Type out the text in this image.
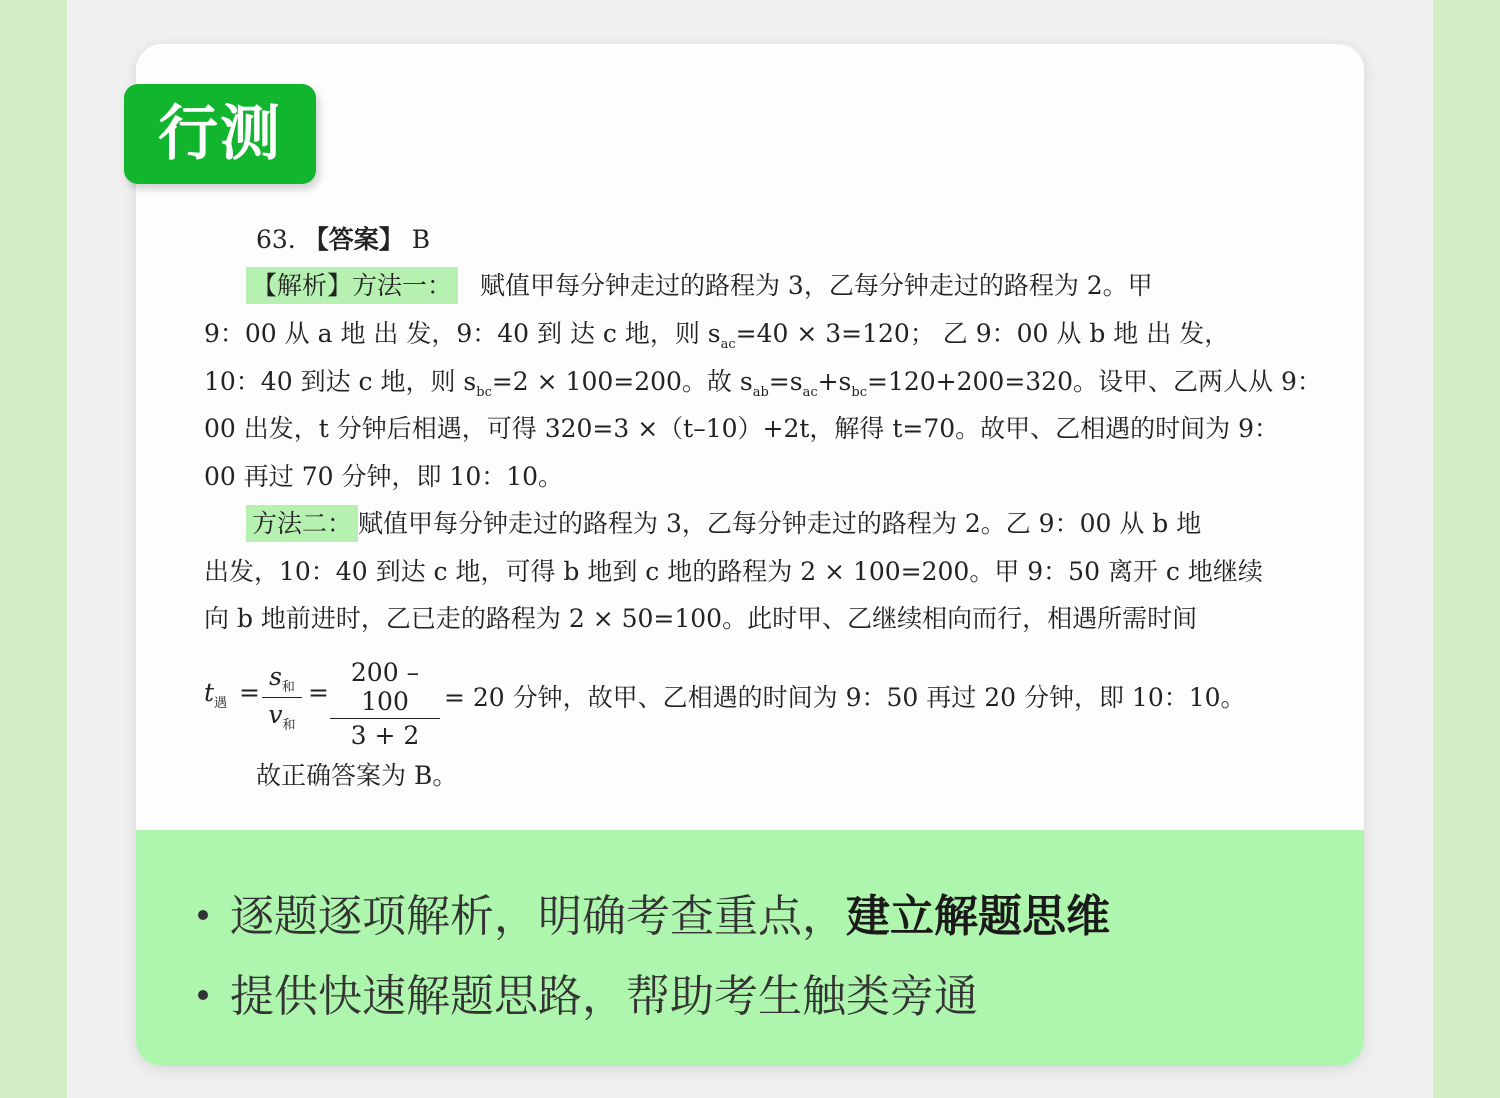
63. 【答案】 B
【解析】方法一： 赋值甲每分钟走过的路程为 3，乙每分钟走过的路程为 2。甲
9：00 从 a 地 出 发，9：40 到 达 c 地，则 $s_{ac}=40 \times 3=120$； 乙 9：00 从 b 地 出 发，
10：40 到达 c 地，则 $s_{bc}=2 \times 100=200$。故 $s_{ab}=s_{ac}+s_{bc}=120+200=320$。设甲、乙两人从 9：
00 出发，t 分钟后相遇，可得 320=3 ×（t–10）+2t，解得 t=70。故甲、乙相遇的时间为 9：
00 再过 70 分钟，即 10：10。
方法二： 赋值甲每分钟走过的路程为 3，乙每分钟走过的路程为 2。乙 9：00 从 b 地
出发，10：40 到达 c 地，可得 b 地到 c 地的路程为 2 × 100=200。甲 9：50 离开 c 地继续
向 b 地前进时，乙已走的路程为 2 × 50=100。此时甲、乙继续相向而行，相遇所需时间
$t_遇$ =
$s_和$
$v_和$
=
200 – 100
3 + 2
= 20 分钟，故甲、乙相遇的时间为 9：50 再过 20 分钟，即 10：10。
故正确答案为 B。
逐题逐项解析，明确考查重点，建立解题思维
提供快速解题思路，帮助考生触类旁通
行测
